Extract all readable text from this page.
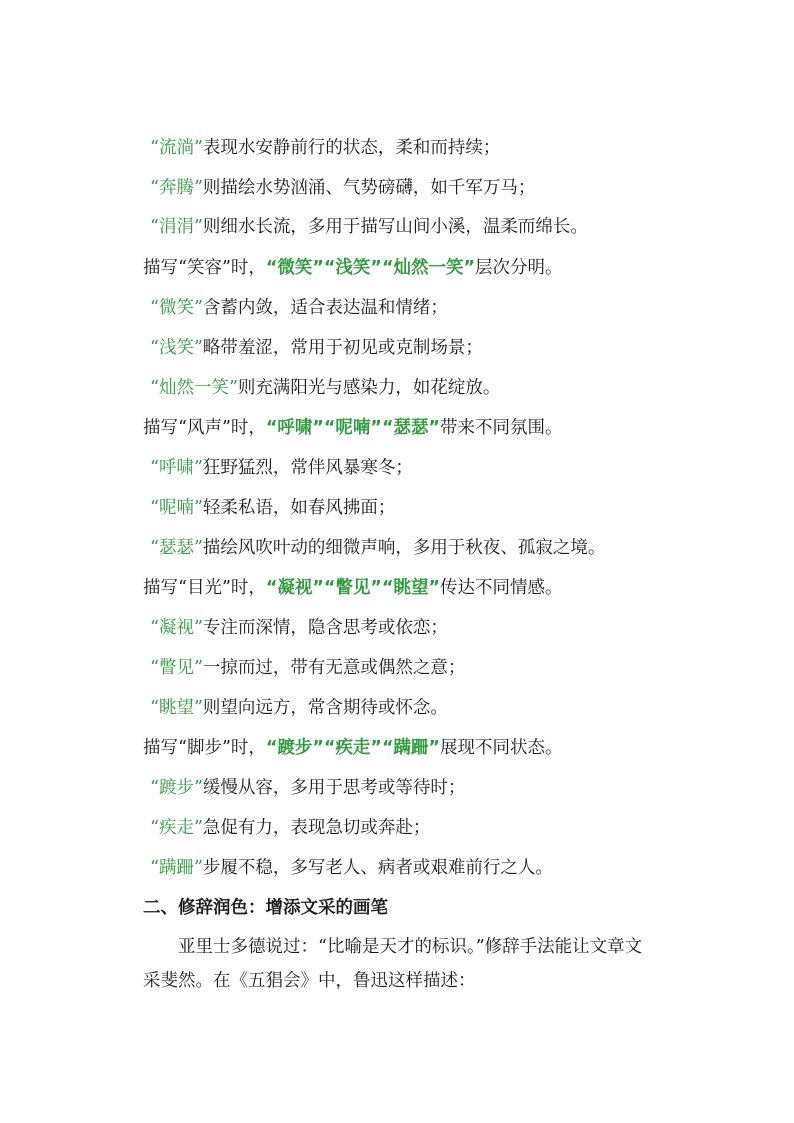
“流淌”表现水安静前行的状态，柔和而持续；
“奔腾”则描绘水势汹涌、气势磅礴，如千军万马；
“涓涓”则细水长流，多用于描写山间小溪，温柔而绵长。
描写“笑容”时，“微笑”“浅笑”“灿然一笑”层次分明。
“微笑”含蓄内敛，适合表达温和情绪；
“浅笑”略带羞涩，常用于初见或克制场景；
“灿然一笑”则充满阳光与感染力，如花绽放。
描写“风声”时，“呼啸”“呢喃”“瑟瑟”带来不同氛围。
“呼啸”狂野猛烈，常伴风暴寒冬；
“呢喃”轻柔私语，如春风拂面；
“瑟瑟”描绘风吹叶动的细微声响，多用于秋夜、孤寂之境。
描写“目光”时，“凝视”“瞥见”“眺望”传达不同情感。
“凝视”专注而深情，隐含思考或依恋；
“瞥见”一掠而过，带有无意或偶然之意；
“眺望”则望向远方，常含期待或怀念。
描写“脚步”时，“踱步”“疾走”“蹒跚”展现不同状态。
“踱步”缓慢从容，多用于思考或等待时；
“疾走”急促有力，表现急切或奔赴；
“蹒跚”步履不稳，多写老人、病者或艰难前行之人。
二、修辞润色：增添文采的画笔
亚里士多德说过：“比喻是天才的标识。”修辞手法能让文章文采斐然。在《五猖会》中，鲁迅这样描述：
